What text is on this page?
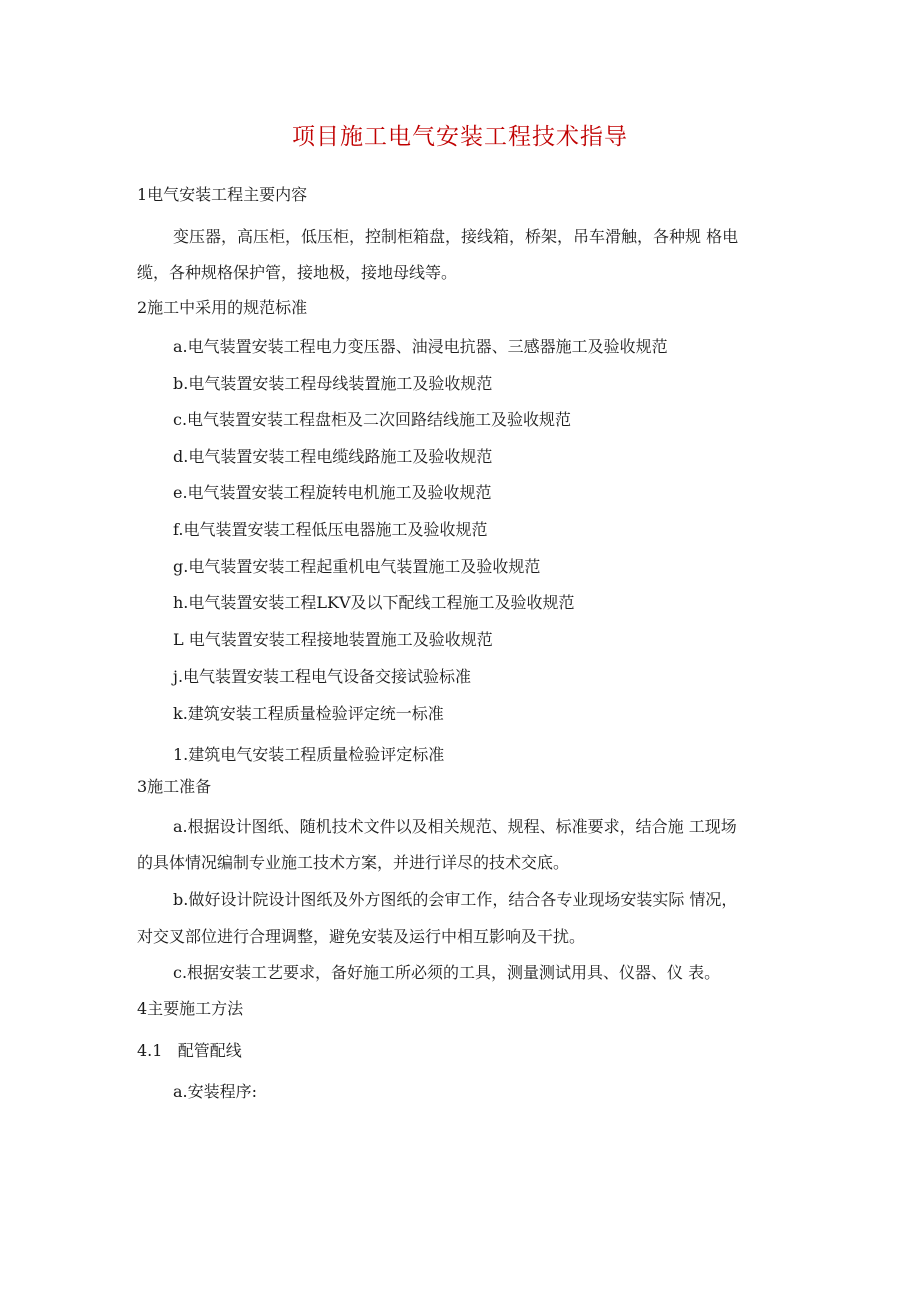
项目施工电气安装工程技术指导
1电气安装工程主要内容
变压器，高压柜，低压柜，控制柜箱盘，接线箱，桥架，吊车滑触，各种规 格电
缆，各种规格保护管，接地极，接地母线等。
2施工中采用的规范标准
a.电气装置安装工程电力变压器、油浸电抗器、三感器施工及验收规范
b.电气装置安装工程母线装置施工及验收规范
c.电气装置安装工程盘柜及二次回路结线施工及验收规范
d.电气装置安装工程电缆线路施工及验收规范
e.电气装置安装工程旋转电机施工及验收规范
f.电气装置安装工程低压电器施工及验收规范
g.电气装置安装工程起重机电气装置施工及验收规范
h.电气装置安装工程LKV及以下配线工程施工及验收规范
L 电气装置安装工程接地装置施工及验收规范
j.电气装置安装工程电气设备交接试验标准
k.建筑安装工程质量检验评定统一标准
1.建筑电气安装工程质量检验评定标准
3施工准备
a.根据设计图纸、随机技术文件以及相关规范、规程、标准要求，结合施 工现场
的具体情况编制专业施工技术方案，并进行详尽的技术交底。
b.做好设计院设计图纸及外方图纸的会审工作，结合各专业现场安装实际 情况，
对交叉部位进行合理调整，避免安装及运行中相互影响及干扰。
c.根据安装工艺要求，备好施工所必须的工具，测量测试用具、仪器、仪 表。
4主要施工方法
4.1   配管配线
a.安装程序:
